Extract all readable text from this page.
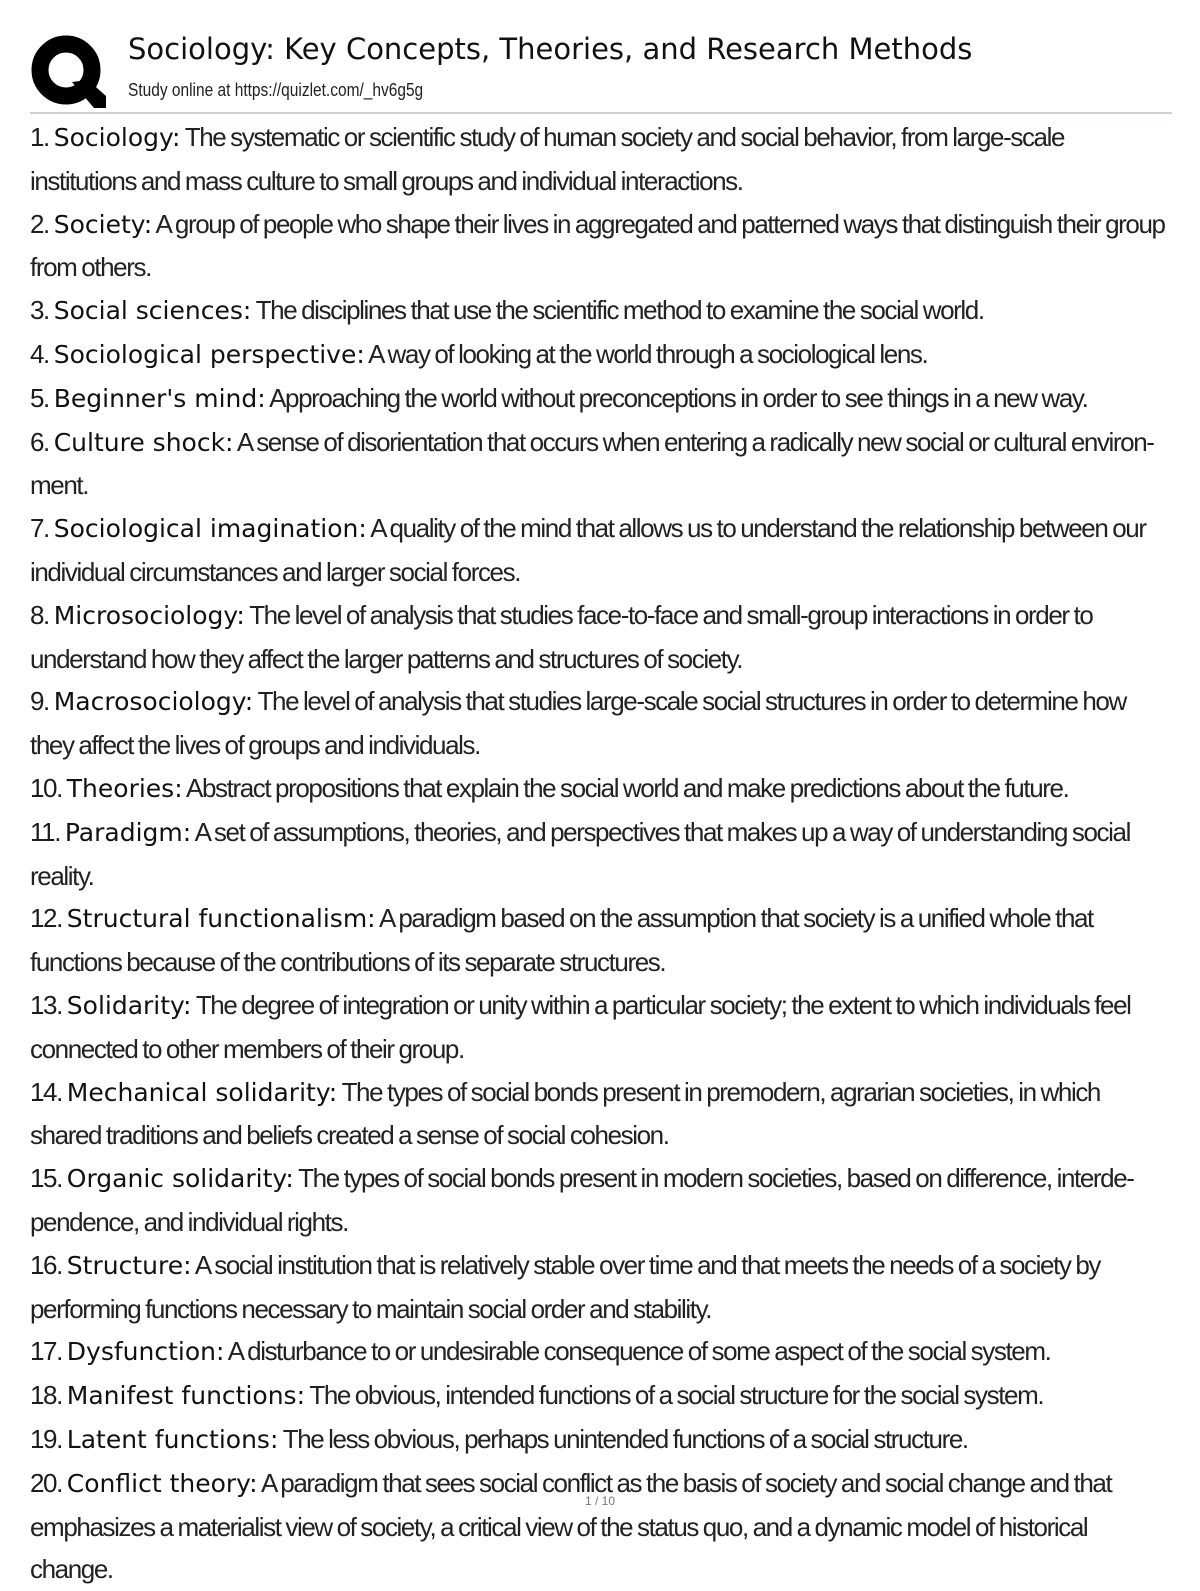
Sociology: Key Concepts, Theories, and Research Methods
Study online at https://quizlet.com/_hv6g5g
1. Sociology: The systematic or scientific study of human society and social behavior, from large-scale institutions and mass culture to small groups and individual interactions.
2. Society: A group of people who shape their lives in aggregated and patterned ways that distinguish their group from others.
3. Social sciences: The disciplines that use the scientific method to examine the social world.
4. Sociological perspective: A way of looking at the world through a sociological lens.
5. Beginner's mind: Approaching the world without preconceptions in order to see things in a new way.
6. Culture shock: A sense of disorientation that occurs when entering a radically new social or cultural environ- ment.
7. Sociological imagination: A quality of the mind that allows us to understand the relationship between our individual circumstances and larger social forces.
8. Microsociology: The level of analysis that studies face-to-face and small-group interactions in order to understand how they affect the larger patterns and structures of society.
9. Macrosociology: The level of analysis that studies large-scale social structures in order to determine how they affect the lives of groups and individuals.
10. Theories: Abstract propositions that explain the social world and make predictions about the future.
11. Paradigm: A set of assumptions, theories, and perspectives that makes up a way of understanding social reality.
12. Structural functionalism: A paradigm based on the assumption that society is a unified whole that functions because of the contributions of its separate structures.
13. Solidarity: The degree of integration or unity within a particular society; the extent to which individuals feel connected to other members of their group.
14. Mechanical solidarity: The types of social bonds present in premodern, agrarian societies, in which shared traditions and beliefs created a sense of social cohesion.
15. Organic solidarity: The types of social bonds present in modern societies, based on difference, interde- pendence, and individual rights.
16. Structure: A social institution that is relatively stable over time and that meets the needs of a society by performing functions necessary to maintain social order and stability.
17. Dysfunction: A disturbance to or undesirable consequence of some aspect of the social system.
18. Manifest functions: The obvious, intended functions of a social structure for the social system.
19. Latent functions: The less obvious, perhaps unintended functions of a social structure.
20. Conflict theory: A paradigm that sees social conflict as the basis of society and social change and that emphasizes a materialist view of society, a critical view of the status quo, and a dynamic model of historical change.
1 / 10
